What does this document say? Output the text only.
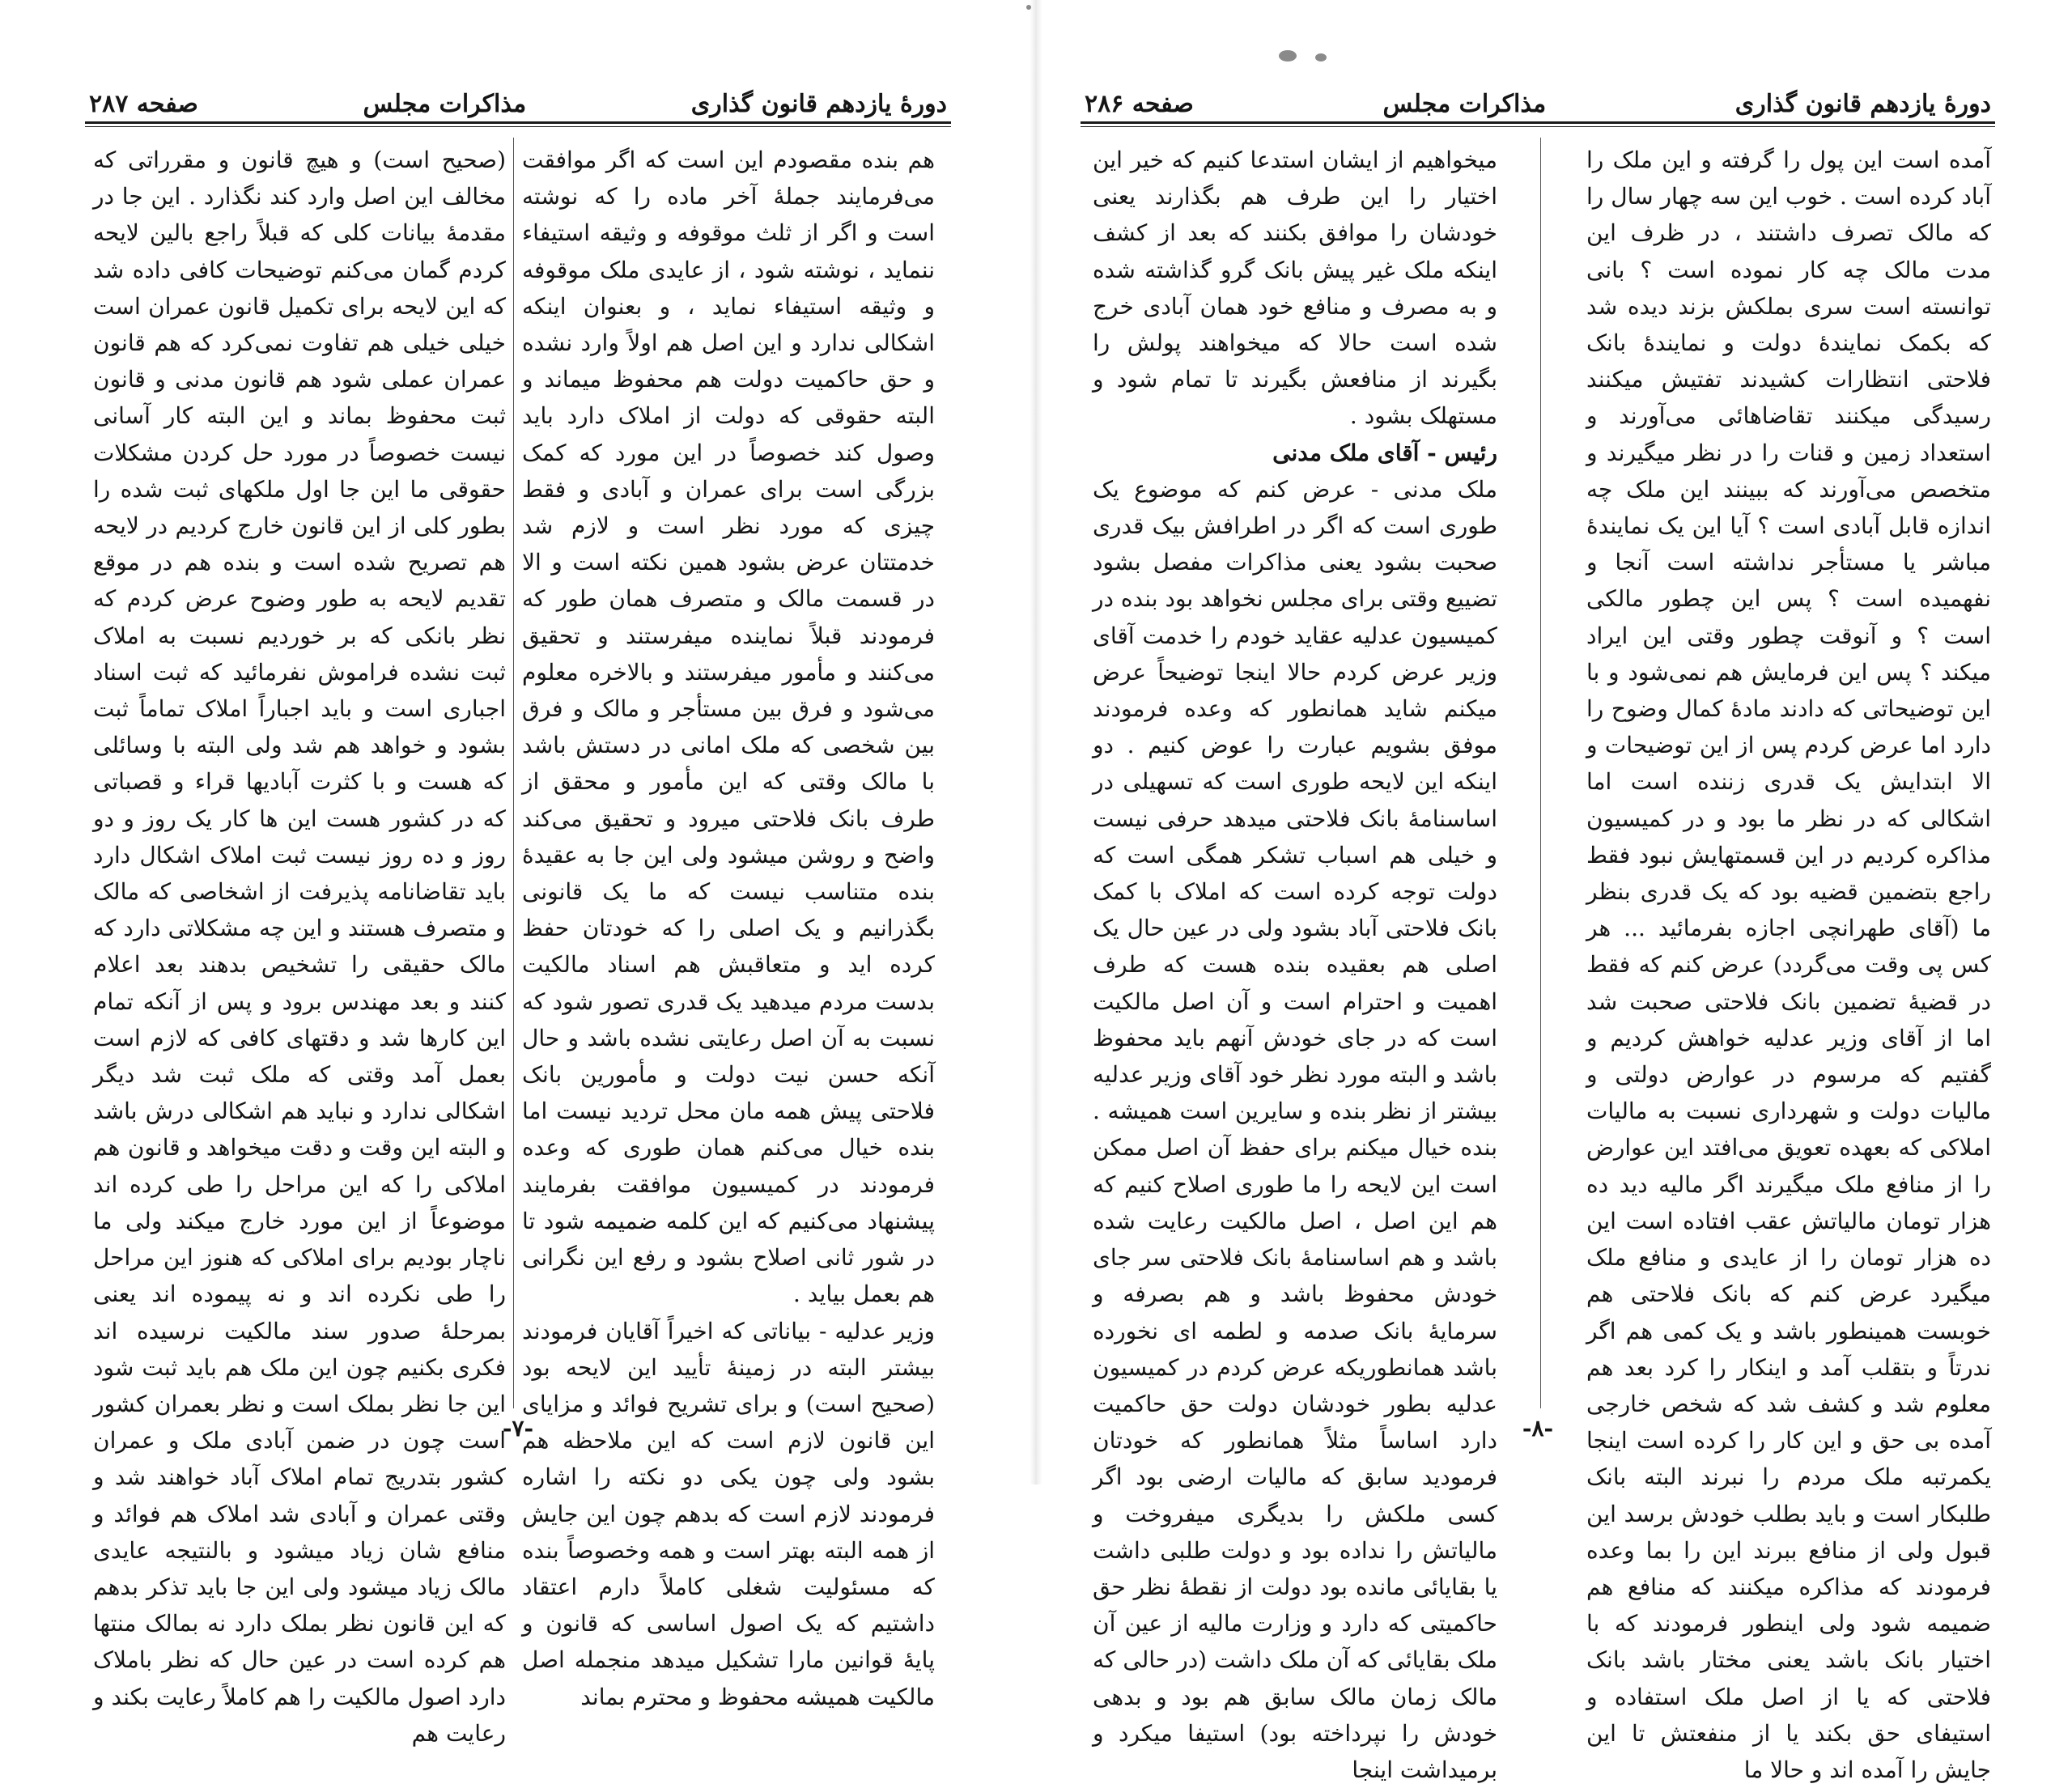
دورهٔ یازدهم قانون گذاری
مذاکرات مجلس
صفحه ۲۸۷

هم بنده مقصودم این است که اگر موافقت می‌فرمایند جملهٔ آخر ماده را که نوشته است و اگر از ثلث موقوفه و وثیقه استیفاء ننماید ، نوشته شود ، از عایدی ملک موقوفه و وثیقه استیفاء نماید ، و بعنوان اینکه اشکالی ندارد و این اصل هم اولاً وارد نشده و حق حاکمیت دولت هم محفوظ میماند و البته حقوقی که دولت از املاک دارد باید وصول کند خصوصاً در این مورد که کمک بزرگی است برای عمران و آبادی و فقط چیزی که مورد نظر است و لازم شد خدمتتان عرض بشود همین نکته است و الا در قسمت مالک و متصرف همان طور که فرمودند قبلاً نماینده میفرستند و تحقیق می‌کنند و مأمور میفرستند و بالاخره معلوم می‌شود و فرق بین مستأجر و مالک و فرق بین شخصی که ملک امانی در دستش باشد با مالک وقتی که این مأمور و محقق از طرف بانک فلاحتی میرود و تحقیق می‌کند واضح و روشن میشود ولی این جا به عقیدهٔ بنده متناسب نیست که ما یک قانونی بگذرانیم و یک اصلی را که خودتان حفظ کرده اید و متعاقبش هم اسناد مالکیت بدست مردم میدهید یک قدری تصور شود که نسبت به آن اصل رعایتی نشده باشد و حال آنکه حسن نیت دولت و مأمورین بانک فلاحتی پیش همه مان محل تردید نیست اما بنده خیال می‌کنم همان طوری که وعده فرمودند در کمیسیون موافقت بفرمایند پیشنهاد می‌کنیم که این کلمه ضمیمه شود تا در شور ثانی اصلاح بشود و رفع این نگرانی هم بعمل بیاید .

وزیر عدلیه - بیاناتی که اخیراً آقایان فرمودند بیشتر البته در زمینهٔ تأیید این لایحه بود (صحیح است) و برای تشریح فوائد و مزایای این قانون لازم است که این ملاحظه هم بشود ولی چون یکی دو نکته را اشاره فرمودند لازم است که بدهم چون این جایش از همه البته بهتر است و همه وخصوصاً بنده که مسئولیت شغلی کاملاً دارم اعتقاد داشتیم که یک اصول اساسی که قانون و پایهٔ قوانین مارا تشکیل میدهد منجمله اصل مالکیت همیشه محفوظ و محترم بماند

(صحیح است) و هیچ قانون و مقرراتی که مخالف این اصل وارد کند نگذارد . این جا در مقدمهٔ بیانات کلی که قبلاً راجع بالین لایحه کردم گمان می‌کنم توضیحات کافی داده شد که این لایحه برای تکمیل قانون عمران است خیلی خیلی هم تفاوت نمی‌کرد که هم قانون عمران عملی شود هم قانون مدنی و قانون ثبت محفوظ بماند و این البته کار آسانی نیست خصوصاً در مورد حل کردن مشکلات حقوقی ما این جا اول ملکهای ثبت شده را بطور کلی از این قانون خارج کردیم در لایحه هم تصریح شده است و بنده هم در موقع تقدیم لایحه به طور وضوح عرض کردم که نظر بانکی که بر خوردیم نسبت به املاک ثبت نشده فراموش نفرمائید که ثبت اسناد اجباری است و باید اجباراً املاک تماماً ثبت بشود و خواهد هم شد ولی البته با وسائلی که هست و با کثرت آبادیها قراء و قصباتی که در کشور هست این ها کار یک روز و دو روز و ده روز نیست ثبت املاک اشکال دارد باید تقاضانامه پذیرفت از اشخاصی که مالک و متصرف هستند و این چه مشکلاتی دارد که مالک حقیقی را تشخیص بدهند بعد اعلام کنند و بعد مهندس برود و پس از آنکه تمام این کارها شد و دقتهای کافی که لازم است بعمل آمد وقتی که ملک ثبت شد دیگر اشکالی ندارد و نباید هم اشکالی درش باشد و البته این وقت و دقت میخواهد و قانون هم املاکی را که این مراحل را طی کرده اند موضوعاً از این مورد خارج میکند ولی ما ناچار بودیم برای املاکی که هنوز این مراحل را طی نکرده اند و نه پیموده اند یعنی بمرحلهٔ صدور سند مالکیت نرسیده اند فکری بکنیم چون این ملک هم باید ثبت شود این جا نظر بملک است و نظر بعمران کشور است چون در ضمن آبادی ملک و عمران کشور بتدریج تمام املاک آباد خواهند شد و وقتی عمران و آبادی شد املاک هم فوائد و منافع شان زیاد میشود و بالنتیجه عایدی مالک زیاد میشود ولی این جا باید تذکر بدهم که این قانون نظر بملک دارد نه بمالک منتها هم کرده است در عین حال که نظر باملاک دارد اصول مالکیت را هم کاملاً رعایت بکند و رعایت هم

-۷-
دورهٔ یازدهم قانون گذاری
مذاکرات مجلس
صفحه ۲۸۶

آمده است این پول را گرفته و این ملک را آباد کرده است . خوب این سه چهار سال را که مالک تصرف داشتند ، در ظرف این مدت مالک چه کار نموده است ؟ بانی توانسته است سری بملکش بزند دیده شد که بکمک نمایندهٔ دولت و نمایندهٔ بانک فلاحتی انتظارات کشیدند تفتیش میکنند رسیدگی میکنند تقاضاهائی می‌آورند و استعداد زمین و قنات را در نظر میگیرند و متخصص می‌آورند که ببینند این ملک چه اندازه قابل آبادی است ؟ آیا این یک نمایندهٔ مباشر یا مستأجر نداشته است آنجا و نفهمیده است ؟ پس این چطور مالکی است ؟ و آنوقت چطور وقتی این ایراد میکند ؟ پس این فرمایش هم نمی‌شود و با این توضیحاتی که دادند مادهٔ کمال وضوح را دارد اما عرض کردم پس از این توضیحات و الا ابتدایش یک قدری زننده است اما اشکالی که در نظر ما بود و در کمیسیون مذاکره کردیم در این قسمتهایش نبود فقط راجع بتضمین قضیه بود که یک قدری بنظر ما (آقای طهرانچی اجازه بفرمائید ... هر کس پی وقت می‌گردد) عرض کنم که فقط در قضیهٔ تضمین بانک فلاحتی صحبت شد اما از آقای وزیر عدلیه خواهش کردیم و گفتیم که مرسوم در عوارض دولتی و مالیات دولت و شهرداری نسبت به مالیات املاکی که بعهده تعویق می‌افتد این عوارض را از منافع ملک میگیرند اگر مالیه دید ده هزار تومان مالیاتش عقب افتاده است این ده هزار تومان را از عایدی و منافع ملک میگیرد عرض کنم که بانک فلاحتی هم خوبست همینطور باشد و یک کمی هم اگر ندرتاً و بتقلب آمد و اینکار را کرد بعد هم معلوم شد و کشف شد که شخص خارجی آمده بی حق و این کار را کرده است اینجا یکمرتبه ملک مردم را نبرند البته بانک طلبکار است و باید بطلب خودش برسد این قبول ولی از منافع ببرند این را بما وعده فرمودند که مذاکره میکنند که منافع هم ضمیمه شود ولی اینطور فرمودند که با اختیار بانک باشد یعنی مختار باشد بانک فلاحتی که یا از اصل ملک استفاده و استیفای حق بکند یا از منفعتش تا این جایش را آمده اند و حالا ما

میخواهیم از ایشان استدعا کنیم که خیر این اختیار را این طرف هم بگذارند یعنی خودشان را موافق بکنند که بعد از کشف اینکه ملک غیر پیش بانک گرو گذاشته شده و به مصرف و منافع خود همان آبادی خرج شده است حالا که میخواهند پولش را بگیرند از منافعش بگیرند تا تمام شود و مستهلک بشود .

رئیس - آقای ملک مدنی

ملک مدنی - عرض کنم که موضوع یک طوری است که اگر در اطرافش بیک قدری صحبت بشود یعنی مذاکرات مفصل بشود تضییع وقتی برای مجلس نخواهد بود بنده در کمیسیون عدلیه عقاید خودم را خدمت آقای وزیر عرض کردم حالا اینجا توضیحاً عرض میکنم شاید همانطور که وعده فرمودند موفق بشویم عبارت را عوض کنیم . دو اینکه این لایحه طوری است که تسهیلی در اساسنامهٔ بانک فلاحتی میدهد حرفی نیست و خیلی هم اسباب تشکر همگی است که دولت توجه کرده است که املاک با کمک بانک فلاحتی آباد بشود ولی در عین حال یک اصلی هم بعقیده بنده هست که طرف اهمیت و احترام است و آن اصل مالکیت است که در جای خودش آنهم باید محفوظ باشد و البته مورد نظر خود آقای وزیر عدلیه بیشتر از نظر بنده و سایرین است همیشه . بنده خیال میکنم برای حفظ آن اصل ممکن است این لایحه را ما طوری اصلاح کنیم که هم این اصل ، اصل مالکیت رعایت شده باشد و هم اساسنامهٔ بانک فلاحتی سر جای خودش محفوظ باشد و هم بصرفه و سرمایهٔ بانک صدمه و لطمه ای نخورده باشد همانطوریکه عرض کردم در کمیسیون عدلیه بطور خودشان دولت حق حاکمیت دارد اساساً مثلاً همانطور که خودتان فرمودید سابق که مالیات ارضی بود اگر کسی ملکش را بدیگری میفروخت و مالیاتش را نداده بود و دولت طلبی داشت یا بقایائی مانده بود دولت از نقطهٔ نظر حق حاکمیتی که دارد و وزارت مالیه از عین آن ملک بقایائی که آن ملک داشت (در حالی که مالک زمان مالک سابق هم بود و بدهی خودش را نپرداخته بود) استیفا میکرد و برمیداشت اینجا

-۸-
